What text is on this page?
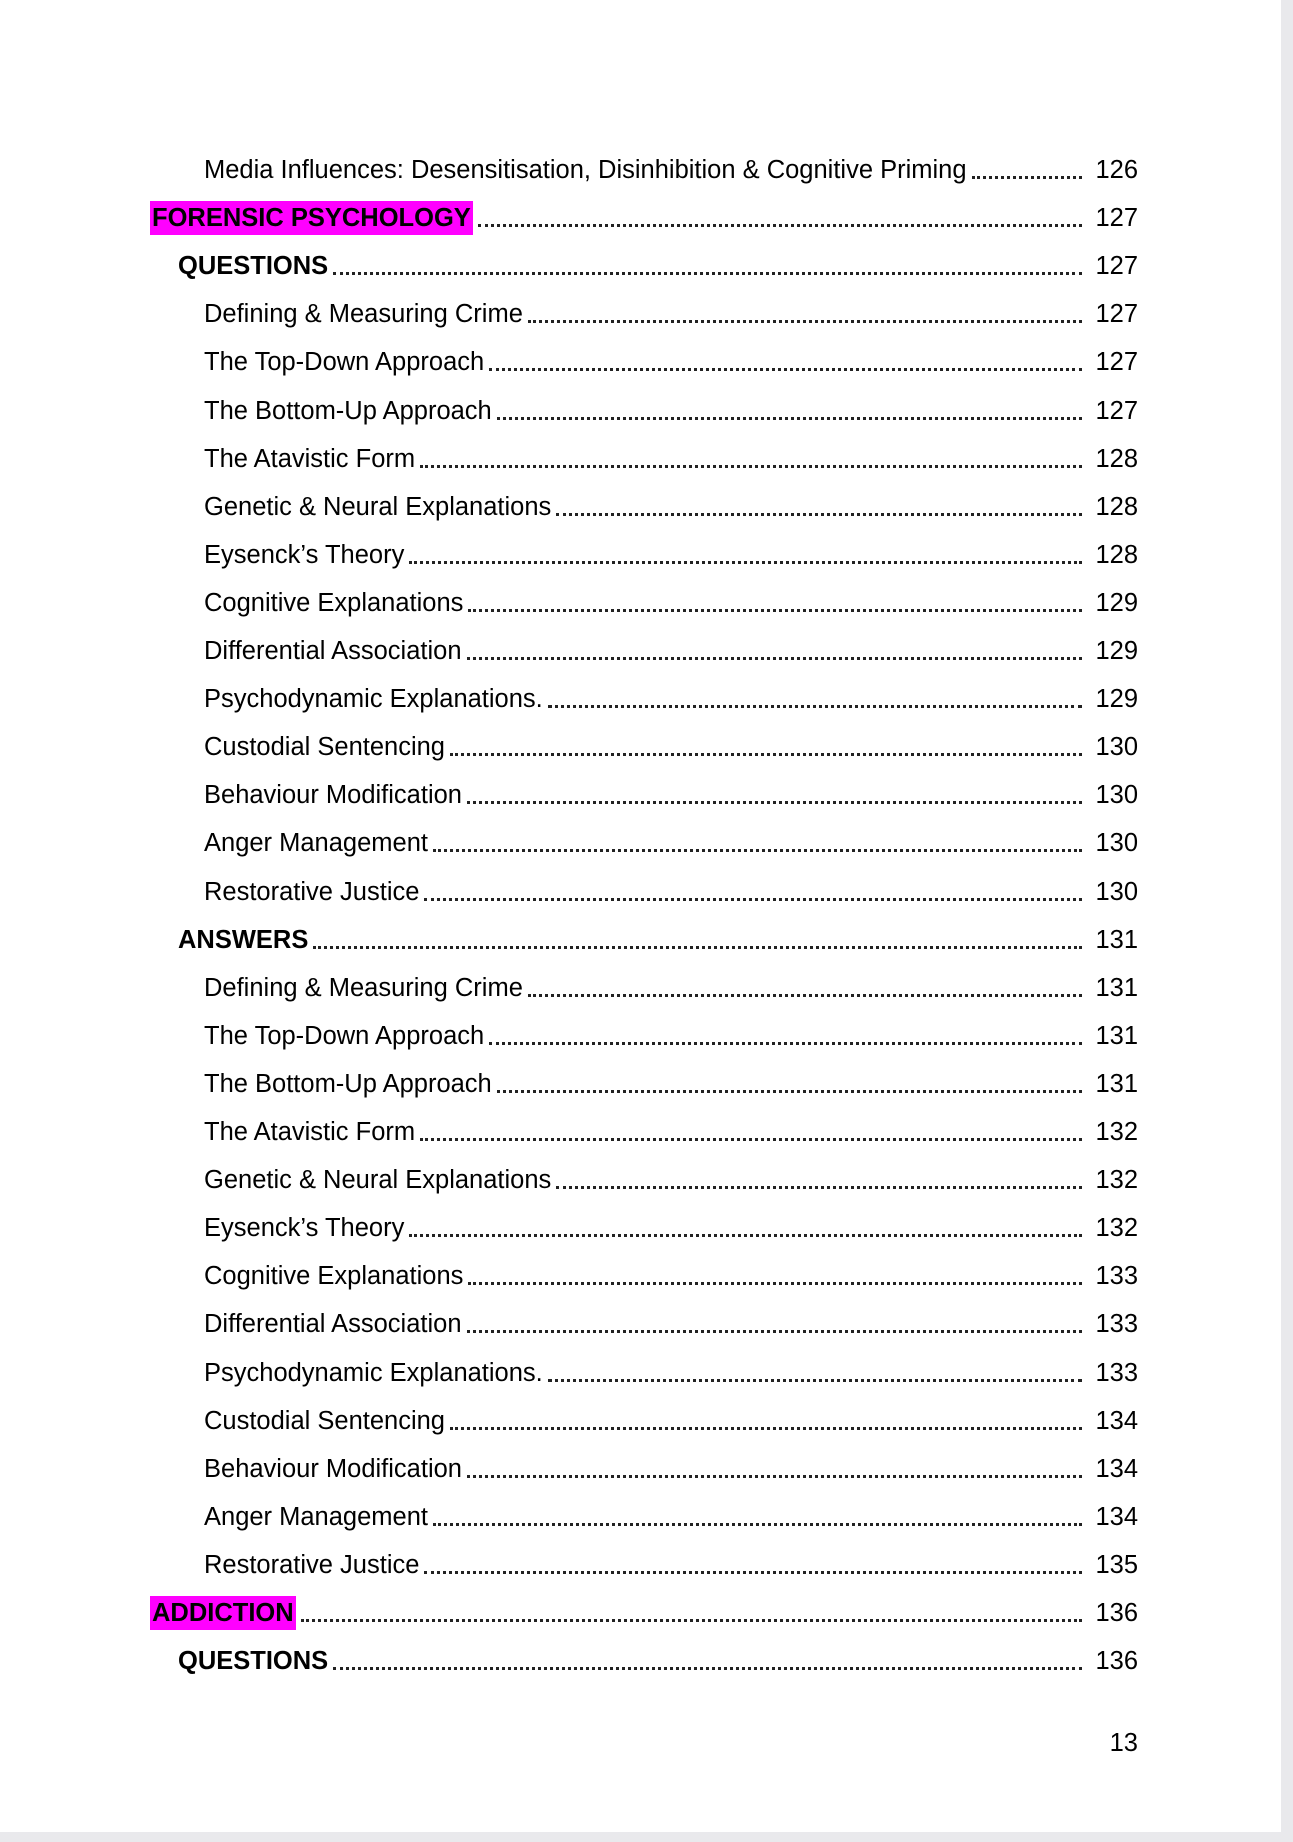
Media Influences: Desensitisation, Disinhibition & Cognitive Priming	126
FORENSIC PSYCHOLOGY	127
QUESTIONS	127
Defining & Measuring Crime	127
The Top-Down Approach	127
The Bottom-Up Approach	127
The Atavistic Form	128
Genetic & Neural Explanations	128
Eysenck’s Theory	128
Cognitive Explanations	129
Differential Association	129
Psychodynamic Explanations.	129
Custodial Sentencing	130
Behaviour Modification	130
Anger Management	130
Restorative Justice	130
ANSWERS	131
Defining & Measuring Crime	131
The Top-Down Approach	131
The Bottom-Up Approach	131
The Atavistic Form	132
Genetic & Neural Explanations	132
Eysenck’s Theory	132
Cognitive Explanations	133
Differential Association	133
Psychodynamic Explanations.	133
Custodial Sentencing	134
Behaviour Modification	134
Anger Management	134
Restorative Justice	135
ADDICTION	136
QUESTIONS	136
13
